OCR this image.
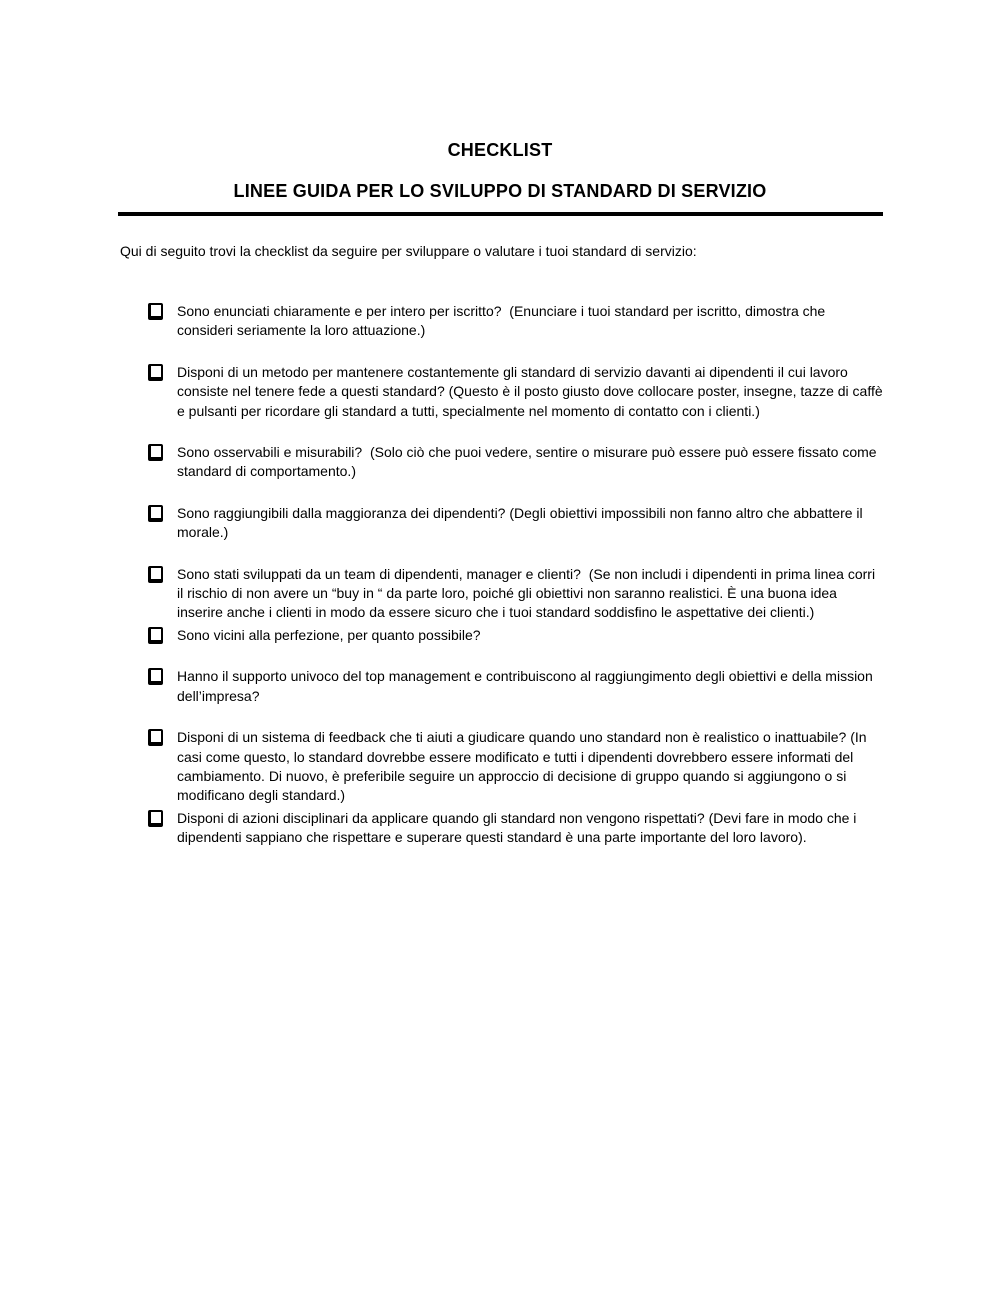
CHECKLIST
LINEE GUIDA PER LO SVILUPPO DI STANDARD DI SERVIZIO
Qui di seguito trovi la checklist da seguire per sviluppare o valutare i tuoi standard di servizio:
Sono enunciati chiaramente e per intero per iscritto?  (Enunciare i tuoi standard per iscritto, dimostra che consideri seriamente la loro attuazione.)
Disponi di un metodo per mantenere costantemente gli standard di servizio davanti ai dipendenti il cui lavoro consiste nel tenere fede a questi standard? (Questo è il posto giusto dove collocare poster, insegne, tazze di caffè e pulsanti per ricordare gli standard a tutti, specialmente nel momento di contatto con i clienti.)
Sono osservabili e misurabili?  (Solo ciò che puoi vedere, sentire o misurare può essere può essere fissato come standard di comportamento.)
Sono raggiungibili dalla maggioranza dei dipendenti? (Degli obiettivi impossibili non fanno altro che abbattere il morale.)
Sono stati sviluppati da un team di dipendenti, manager e clienti?  (Se non includi i dipendenti in prima linea corri il rischio di non avere un “buy in “ da parte loro, poiché gli obiettivi non saranno realistici. È una buona idea inserire anche i clienti in modo da essere sicuro che i tuoi standard soddisfino le aspettative dei clienti.)
Sono vicini alla perfezione, per quanto possibile?
Hanno il supporto univoco del top management e contribuiscono al raggiungimento degli obiettivi e della mission dell’impresa?
Disponi di un sistema di feedback che ti aiuti a giudicare quando uno standard non è realistico o inattuabile? (In casi come questo, lo standard dovrebbe essere modificato e tutti i dipendenti dovrebbero essere informati del cambiamento. Di nuovo, è preferibile seguire un approccio di decisione di gruppo quando si aggiungono o si modificano degli standard.)
Disponi di azioni disciplinari da applicare quando gli standard non vengono rispettati? (Devi fare in modo che i dipendenti sappiano che rispettare e superare questi standard è una parte importante del loro lavoro).
